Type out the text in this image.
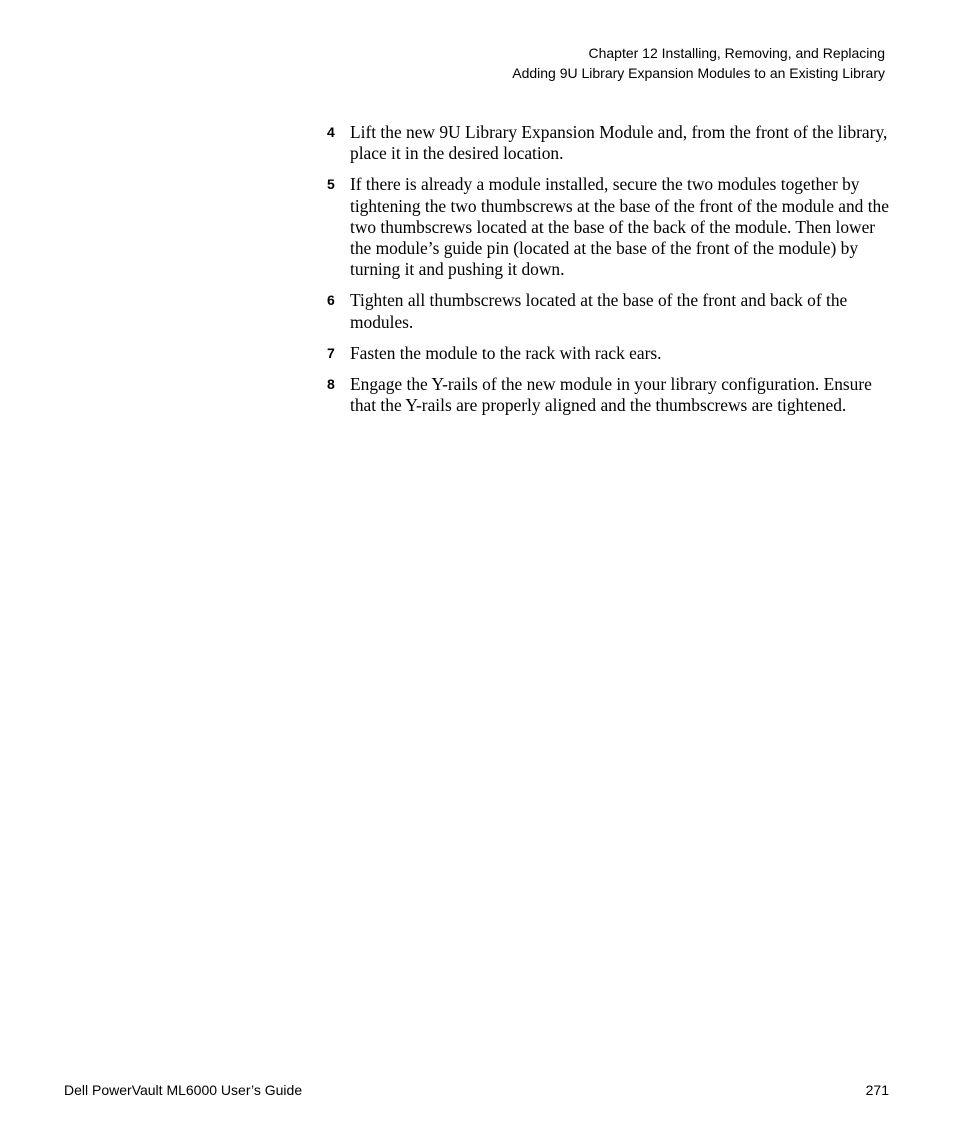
Chapter 12 Installing, Removing, and Replacing
Adding 9U Library Expansion Modules to an Existing Library
4 Lift the new 9U Library Expansion Module and, from the front of the library, place it in the desired location.
5 If there is already a module installed, secure the two modules together by tightening the two thumbscrews at the base of the front of the module and the two thumbscrews located at the base of the back of the module. Then lower the module’s guide pin (located at the base of the front of the module) by turning it and pushing it down.
6 Tighten all thumbscrews located at the base of the front and back of the modules.
7 Fasten the module to the rack with rack ears.
8 Engage the Y-rails of the new module in your library configuration. Ensure that the Y-rails are properly aligned and the thumbscrews are tightened.
Dell PowerVault ML6000 User’s Guide	271
